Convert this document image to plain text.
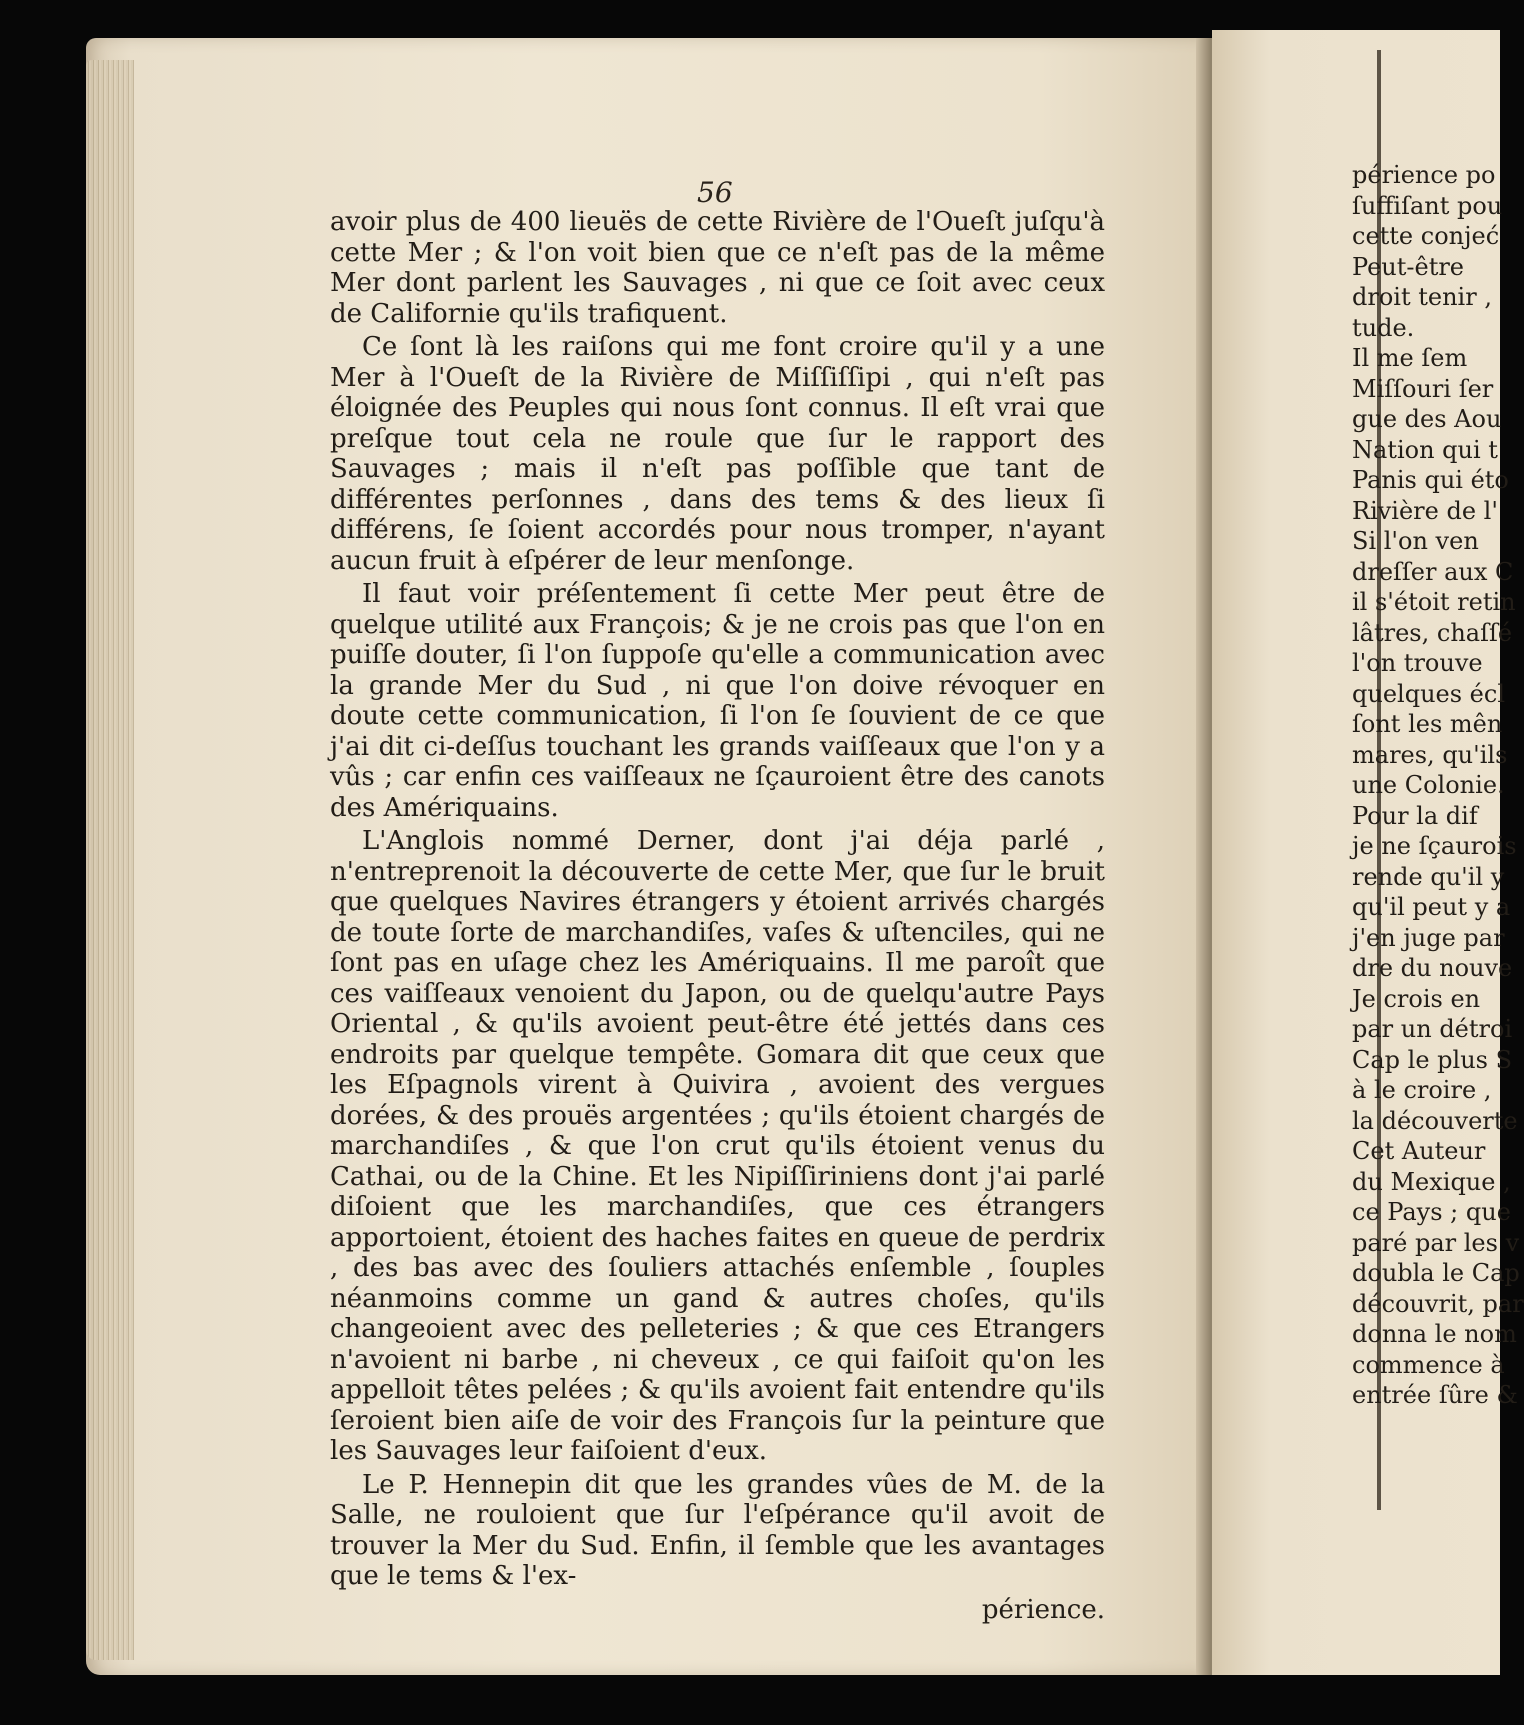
56

avoir plus de 400 lieuës de cette Rivière de l'Oueſt juſqu'à cette Mer ; & l'on voit bien que ce n'eſt pas de la même Mer dont parlent les Sauvages , ni que ce ſoit avec ceux de Californie qu'ils trafiquent.

Ce ſont là les raiſons qui me font croire qu'il y a une Mer à l'Oueſt de la Rivière de Miſſiſſipi , qui n'eſt pas éloignée des Peuples qui nous ſont connus. Il eſt vrai que preſque tout cela ne roule que ſur le rapport des Sauvages ; mais il n'eſt pas poſſible que tant de différentes perſonnes , dans des tems & des lieux ſi différens, ſe ſoient accordés pour nous tromper, n'ayant aucun fruit à eſpérer de leur menſonge.

Il faut voir préſentement ſi cette Mer peut être de quelque utilité aux François; & je ne crois pas que l'on en puiſſe douter, ſi l'on ſuppoſe qu'elle a communication avec la grande Mer du Sud , ni que l'on doive révoquer en doute cette communication, ſi l'on ſe ſouvient de ce que j'ai dit ci-deſſus touchant les grands vaiſſeaux que l'on y a vûs ; car enfin ces vaiſſeaux ne ſçauroient être des canots des Amériquains.

L'Anglois nommé Derner, dont j'ai déja parlé , n'entreprenoit la découverte de cette Mer, que ſur le bruit que quelques Navires étrangers y étoient arrivés chargés de toute ſorte de marchandiſes, vaſes & uſtenciles, qui ne ſont pas en uſage chez les Amériquains. Il me paroît que ces vaiſſeaux venoient du Japon, ou de quelqu'autre Pays Oriental , & qu'ils avoient peut-être été jettés dans ces endroits par quelque tempête. Gomara dit que ceux que les Eſpagnols virent à Quivira , avoient des vergues dorées, & des prouës argentées ; qu'ils étoient chargés de marchandiſes , & que l'on crut qu'ils étoient venus du Cathai, ou de la Chine. Et les Nipiſſiriniens dont j'ai parlé diſoient que les marchandiſes, que ces étrangers apportoient, étoient des haches faites en queue de perdrix , des bas avec des ſouliers attachés enſemble , ſouples néanmoins comme un gand & autres choſes, qu'ils changeoient avec des pelleteries ; & que ces Etrangers n'avoient ni barbe , ni cheveux , ce qui faiſoit qu'on les appelloit têtes pelées ; & qu'ils avoient fait entendre qu'ils ſeroient bien aiſe de voir des François ſur la peinture que les Sauvages leur faiſoient d'eux.

Le P. Hennepin dit que les grandes vûes de M. de la Salle, ne rouloient que ſur l'eſpérance qu'il avoit de trouver la Mer du Sud. Enfin, il ſemble que les avantages que le tems & l'ex-

périence.
périence po
ſuffiſant pou
cette conjeć
Peut-être
droit tenir ,
tude.
Il me ſem
Miſſouri ſer
gue des Aou
Nation qui t
Panis qui éto
Rivière de l'
Si l'on ven
dreſſer aux C
il s'étoit retin
lâtres, chaſſé
l'on trouve
quelques écl
ſont les mên
mares, qu'ils
une Colonie.
Pour la dif
je ne ſçaurois
rende qu'il y
qu'il peut y a
j'en juge par
dre du nouve
Je crois en
par un détroi
Cap le plus S
à le croire ,
la découverte
Cet Auteur
du Mexique ,
ce Pays ; que
paré par les v
doubla le Cap
découvrit, par
donna le nom
commence à
entrée ſûre &
